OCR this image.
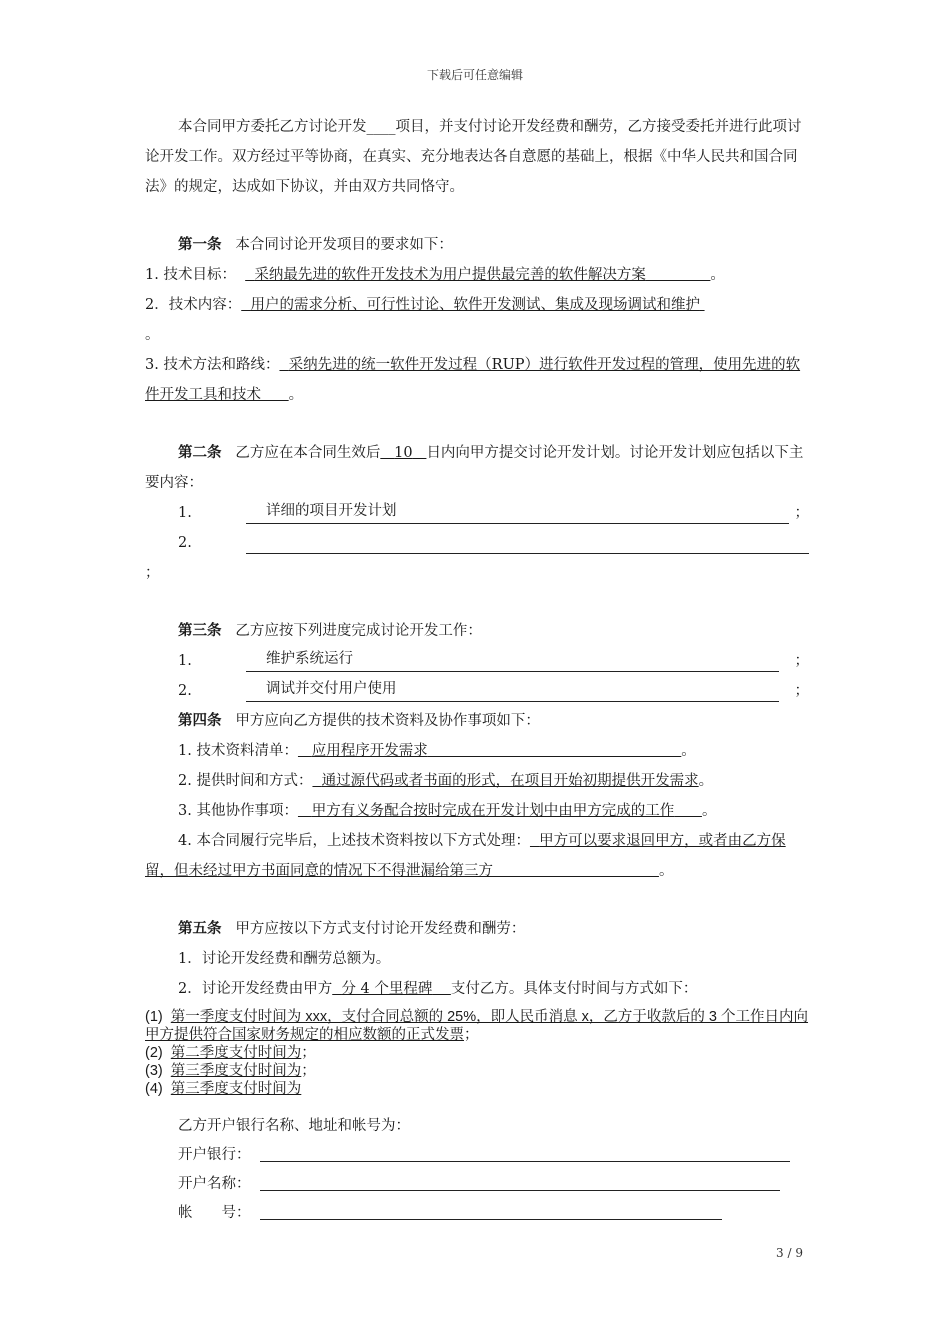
下载后可任意编辑

本合同甲方委托乙方讨论开发____项目，并支付讨论开发经费和酬劳，乙方接受委托并进行此项讨论开发工作。双方经过平等协商，在真实、充分地表达各自意愿的基础上，根据《中华人民共和国合同法》的规定，达成如下协议，并由双方共同恪守。

第一条 本合同讨论开发项目的要求如下：

1. 技术目标： 采纳最先进的软件开发技术为用户提供最完善的软件解决方案	。

2．技术内容： 用户的需求分析、可行性讨论、软件开发测试、集成及现场调试和维护
。

3. 技术方法和路线： 采纳先进的统一软件开发过程（RUP）进行软件开发过程的管理，使用先进的软件开发工具和技术 。

第二条 乙方应在本合同生效后 10 日内向甲方提交讨论开发计划。讨论开发计划应包括以下主要内容：

1.	详细的项目开发计划	；
2.

；

第三条 乙方应按下列进度完成讨论开发工作：

1.	维护系统运行	；
2.	调试并交付用户使用	；

第四条 甲方应向乙方提供的技术资料及协作事项如下：

1. 技术资料清单： 应用程序开发需求	。

2. 提供时间和方式： 通过源代码或者书面的形式，在项目开始初期提供开发需求。

3. 其他协作事项： 甲方有义务配合按时完成在开发计划中由甲方完成的工作 。

4. 本合同履行完毕后，上述技术资料按以下方式处理： 甲方可以要求退回甲方，或者由乙方保留，但未经过甲方书面同意的情况下不得泄漏给第三方	。

第五条 甲方应按以下方式支付讨论开发经费和酬劳：

1．讨论开发经费和酬劳总额为。

2．讨论开发经费由甲方 分 4 个里程碑 支付乙方。具体支付时间与方式如下：

(1) 第一季度支付时间为 xxx，支付合同总额的 25%，即人民币消息 x，乙方于收款后的 3 个工作日内向甲方提供符合国家财务规定的相应数额的正式发票；

(2) 第二季度支付时间为；

(3) 第三季度支付时间为；

(4) 第三季度支付时间为

乙方开户银行名称、地址和帐号为：

开户银行：

开户名称：

帐　　号：

3 / 9
